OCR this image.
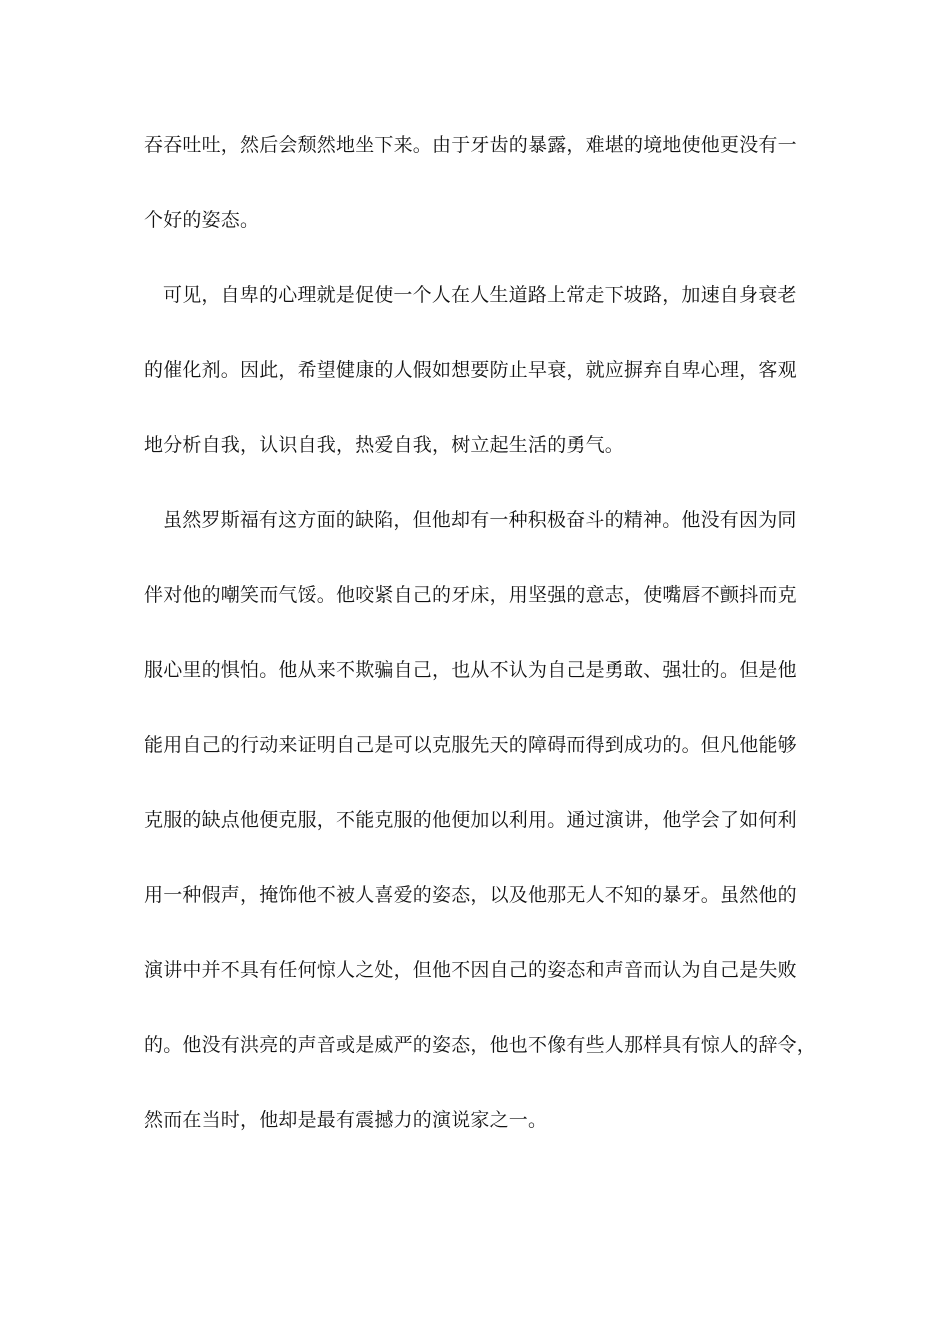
吞吞吐吐，然后会颓然地坐下来。由于牙齿的暴露，难堪的境地使他更没有一
个好的姿态。
可见，自卑的心理就是促使一个人在人生道路上常走下坡路，加速自身衰老
的催化剂。因此，希望健康的人假如想要防止早衰，就应摒弃自卑心理，客观
地分析自我，认识自我，热爱自我，树立起生活的勇气。
虽然罗斯福有这方面的缺陷，但他却有一种积极奋斗的精神。他没有因为同
伴对他的嘲笑而气馁。他咬紧自己的牙床，用坚强的意志，使嘴唇不颤抖而克
服心里的惧怕。他从来不欺骗自己，也从不认为自己是勇敢、强壮的。但是他
能用自己的行动来证明自己是可以克服先天的障碍而得到成功的。但凡他能够
克服的缺点他便克服，不能克服的他便加以利用。通过演讲，他学会了如何利
用一种假声，掩饰他不被人喜爱的姿态，以及他那无人不知的暴牙。虽然他的
演讲中并不具有任何惊人之处，但他不因自己的姿态和声音而认为自己是失败
的。他没有洪亮的声音或是威严的姿态，他也不像有些人那样具有惊人的辞令，
然而在当时，他却是最有震撼力的演说家之一。
